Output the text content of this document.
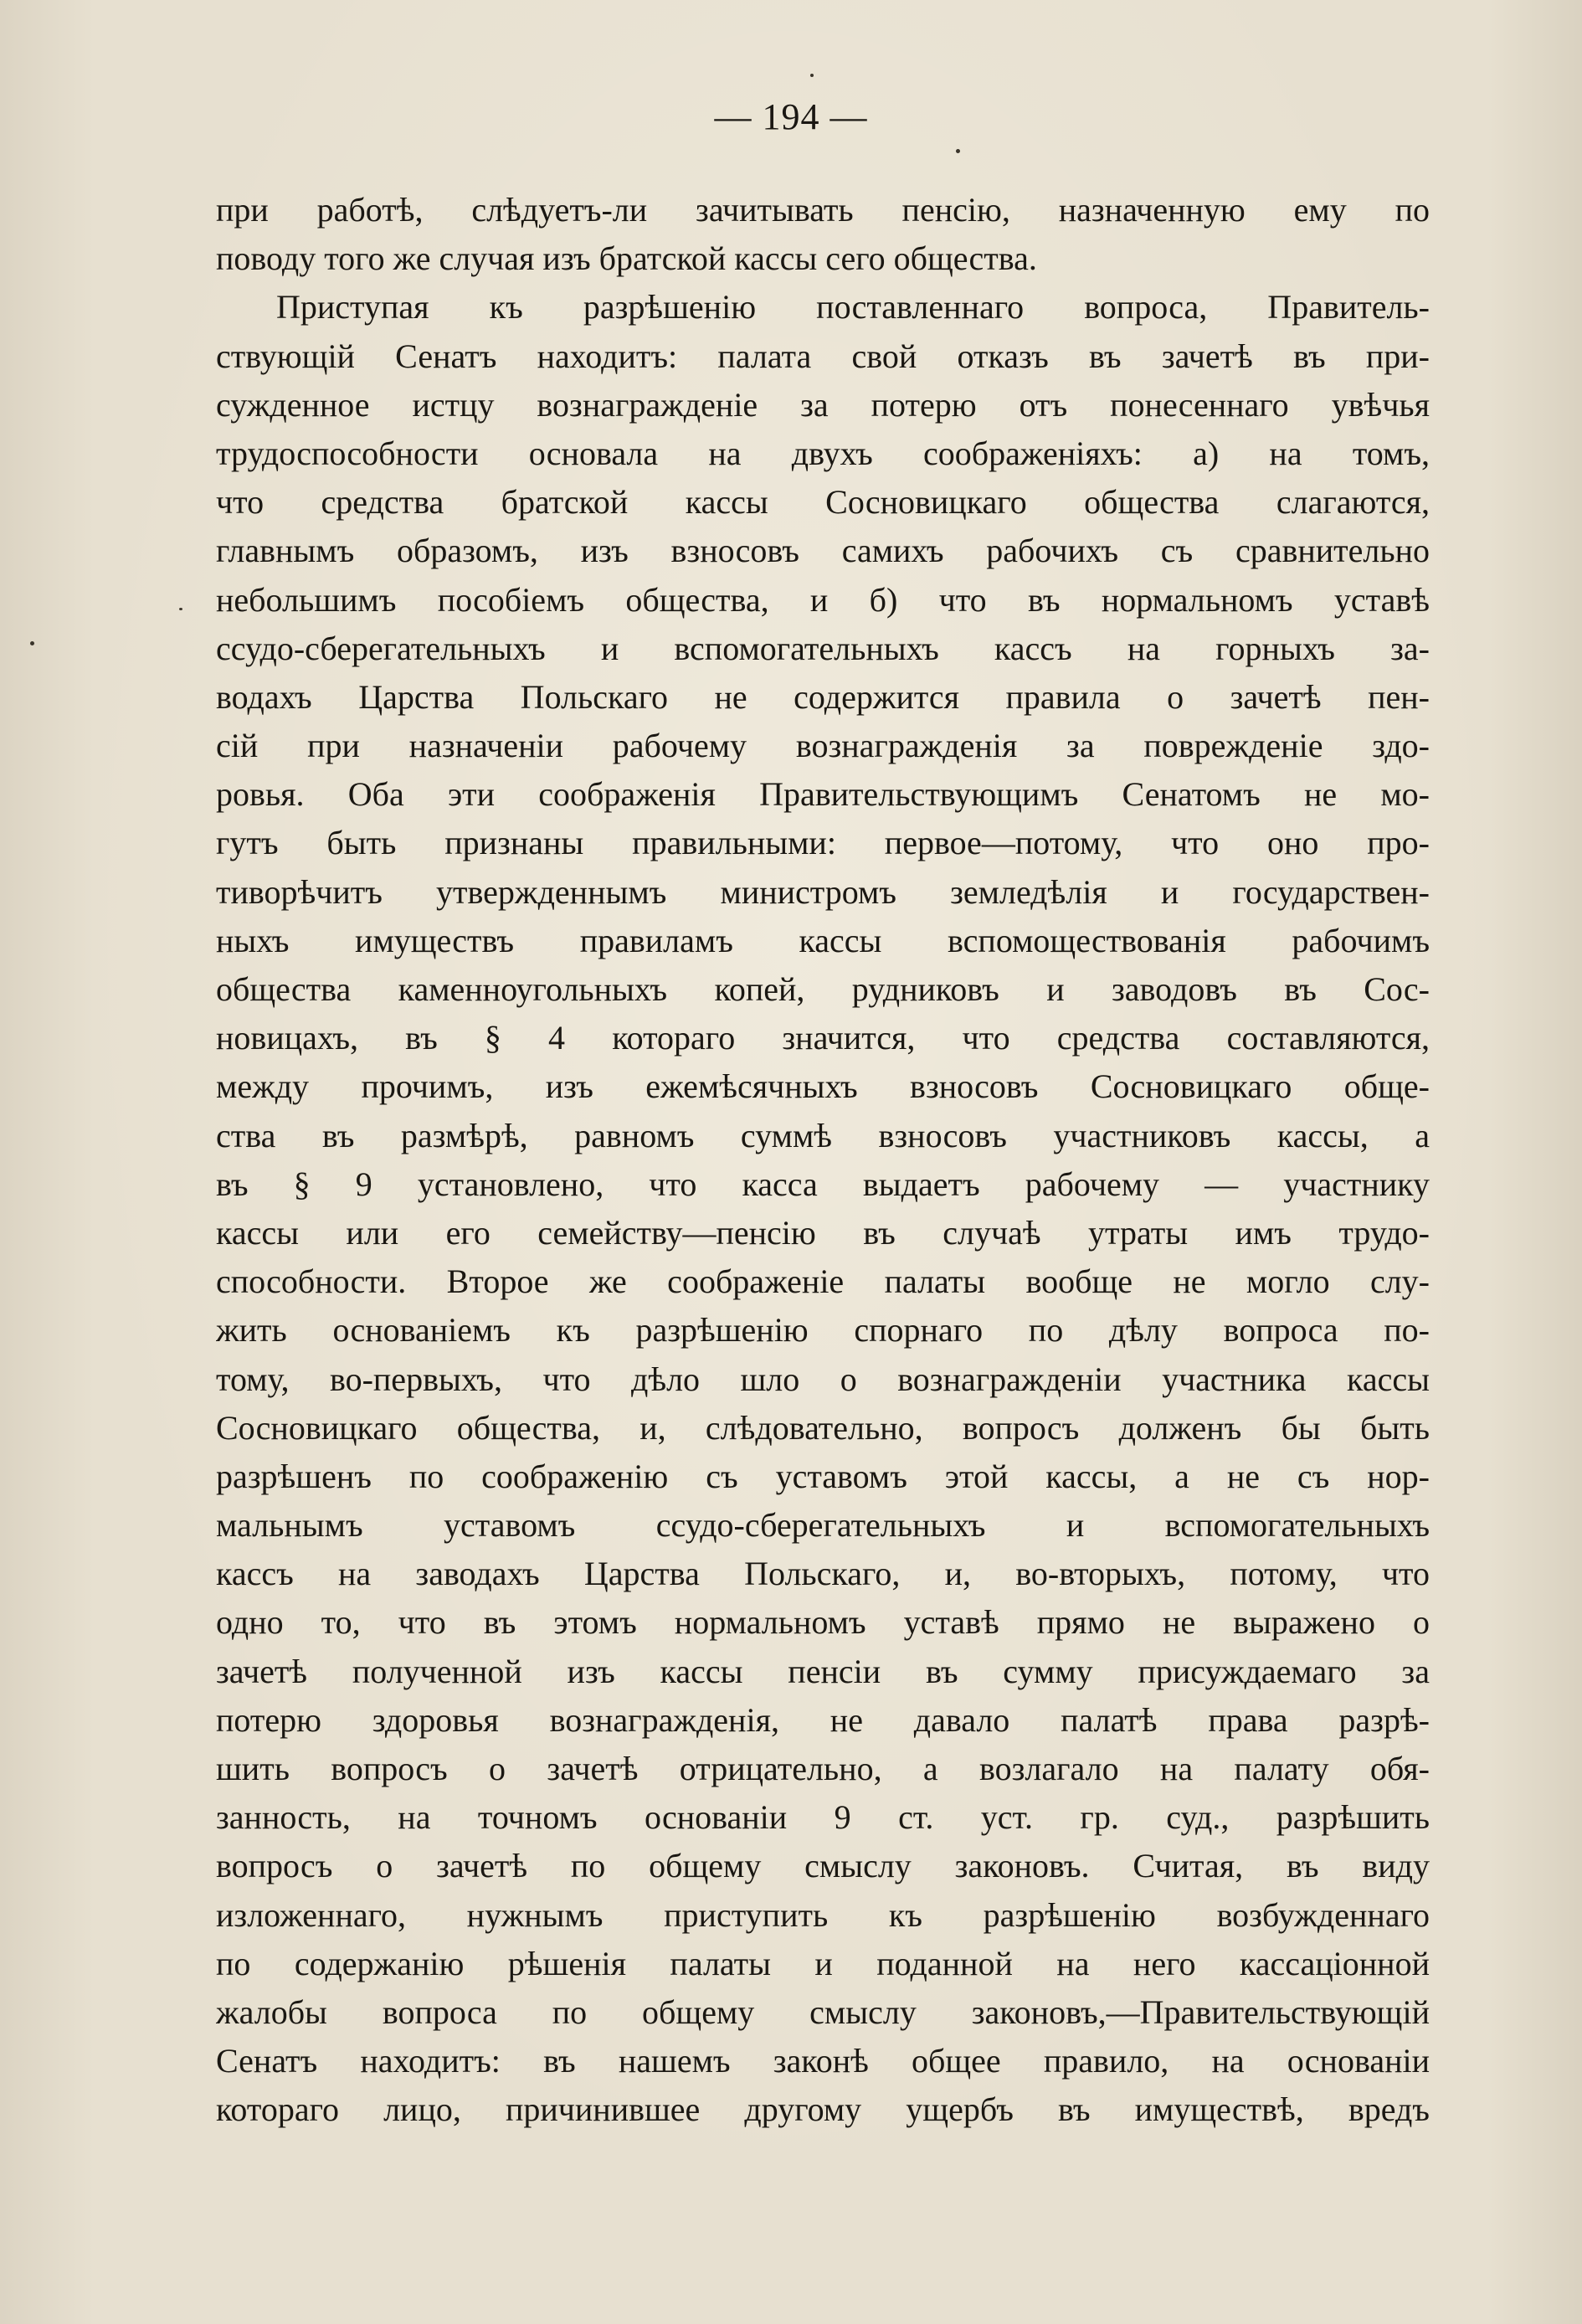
— 194 —
при работѣ, слѣдуетъ-ли зачитывать пенсію, назначенную ему по
поводу того же случая изъ братской кассы сего общества.
Приступая къ разрѣшенію поставленнаго вопроса, Правитель-
ствующій Сенатъ находитъ: палата свой отказъ въ зачетѣ въ при-
сужденное истцу вознагражденіе за потерю отъ понесеннаго увѣчья
трудоспособности основала на двухъ соображеніяхъ: а) на томъ,
что средства братской кассы Сосновицкаго общества слагаются,
главнымъ образомъ, изъ взносовъ самихъ рабочихъ съ сравнительно
небольшимъ пособіемъ общества, и б) что въ нормальномъ уставѣ
ссудо-сберегательныхъ и вспомогательныхъ кассъ на горныхъ за-
водахъ Царства Польскаго не содержится правила о зачетѣ пен-
сій при назначеніи рабочему вознагражденія за поврежденіе здо-
ровья. Оба эти соображенія Правительствующимъ Сенатомъ не мо-
гутъ быть признаны правильными: первое—потому, что оно про-
тиворѣчитъ утвержденнымъ министромъ земледѣлія и государствен-
ныхъ имуществъ правиламъ кассы вспомоществованія рабочимъ
общества каменноугольныхъ копей, рудниковъ и заводовъ въ Сос-
новицахъ, въ § 4 котораго значится, что средства составляются,
между прочимъ, изъ ежемѣсячныхъ взносовъ Сосновицкаго обще-
ства въ размѣрѣ, равномъ суммѣ взносовъ участниковъ кассы, а
въ § 9 установлено, что касса выдаетъ рабочему — участнику
кассы или его семейству—пенсію въ случаѣ утраты имъ трудо-
способности. Второе же соображеніе палаты вообще не могло слу-
жить основаніемъ къ разрѣшенію спорнаго по дѣлу вопроса по-
тому, во-первыхъ, что дѣло шло о вознагражденіи участника кассы
Сосновицкаго общества, и, слѣдовательно, вопросъ долженъ бы быть
разрѣшенъ по соображенію съ уставомъ этой кассы, а не съ нор-
мальнымъ уставомъ ссудо-сберегательныхъ и вспомогательныхъ
кассъ на заводахъ Царства Польскаго, и, во-вторыхъ, потому, что
одно то, что въ этомъ нормальномъ уставѣ прямо не выражено о
зачетѣ полученной изъ кассы пенсіи въ сумму присуждаемаго за
потерю здоровья вознагражденія, не давало палатѣ права разрѣ-
шить вопросъ о зачетѣ отрицательно, а возлагало на палату обя-
занность, на точномъ основаніи 9 ст. уст. гр. суд., разрѣшить
вопросъ о зачетѣ по общему смыслу законовъ. Считая, въ виду
изложеннаго, нужнымъ приступить къ разрѣшенію возбужденнаго
по содержанію рѣшенія палаты и поданной на него кассаціонной
жалобы вопроса по общему смыслу законовъ,—Правительствующій
Сенатъ находитъ: въ нашемъ законѣ общее правило, на основаніи
котораго лицо, причинившее другому ущербъ въ имуществѣ, вредъ
